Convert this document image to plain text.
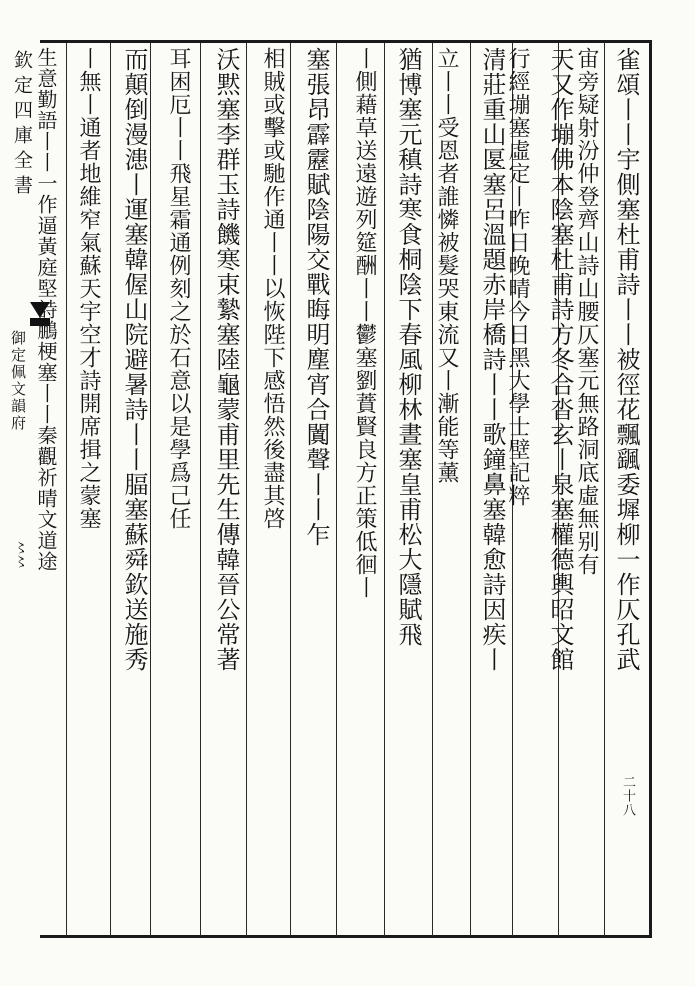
欽定四庫全書
御定佩文韻府
〻〻
二十八
雀頌丨丨宇側塞杜甫詩丨丨被徑花飄颻委墀柳一作仄孔武
宙旁疑射汾仲登齊山詩山腰仄塞元無路洞底虛無别有
天又作塴佛本陰塞杜甫詩方冬合沓玄丨泉塞權德輿昭文館
行經塴塞虛定丨昨日晚晴今日黑大學士壁記粹
清莊重山匽塞呂溫題赤岸橋詩丨丨歌鐘鼻塞韓愈詩因疾丨
立丨丨受恩者誰憐被髮哭東流又丨漸能等薰
猶博塞元稹詩寒食桐陰下春風柳林晝塞皇甫松大隱賦飛
丨側藉草送遠遊列筵酬丨丨鬱塞劉蕡賢良方正策低徊丨
塞張昂霹靂賦陰陽交戰晦明塵宵合闐聲丨丨乍
相賊或擊或馳作通丨丨以恢陛下感悟然後盡其啓
沃黙塞李群玉詩饑寒束縶塞陸龜蒙甫里先生傳韓晉公常著
耳困厄丨丨飛星霜通例刻之於石意以是學爲己任
而顛倒漫漶丨運塞韓偓山院避暑詩丨丨腷塞蘇舜欽送施秀
丨無丨通者地維窄氣蘇天宇空才詩開席揖之蒙塞
生意勤語丨丨一作逼黃庭堅詩鵬梗塞丨丨秦觀祈晴文道途
